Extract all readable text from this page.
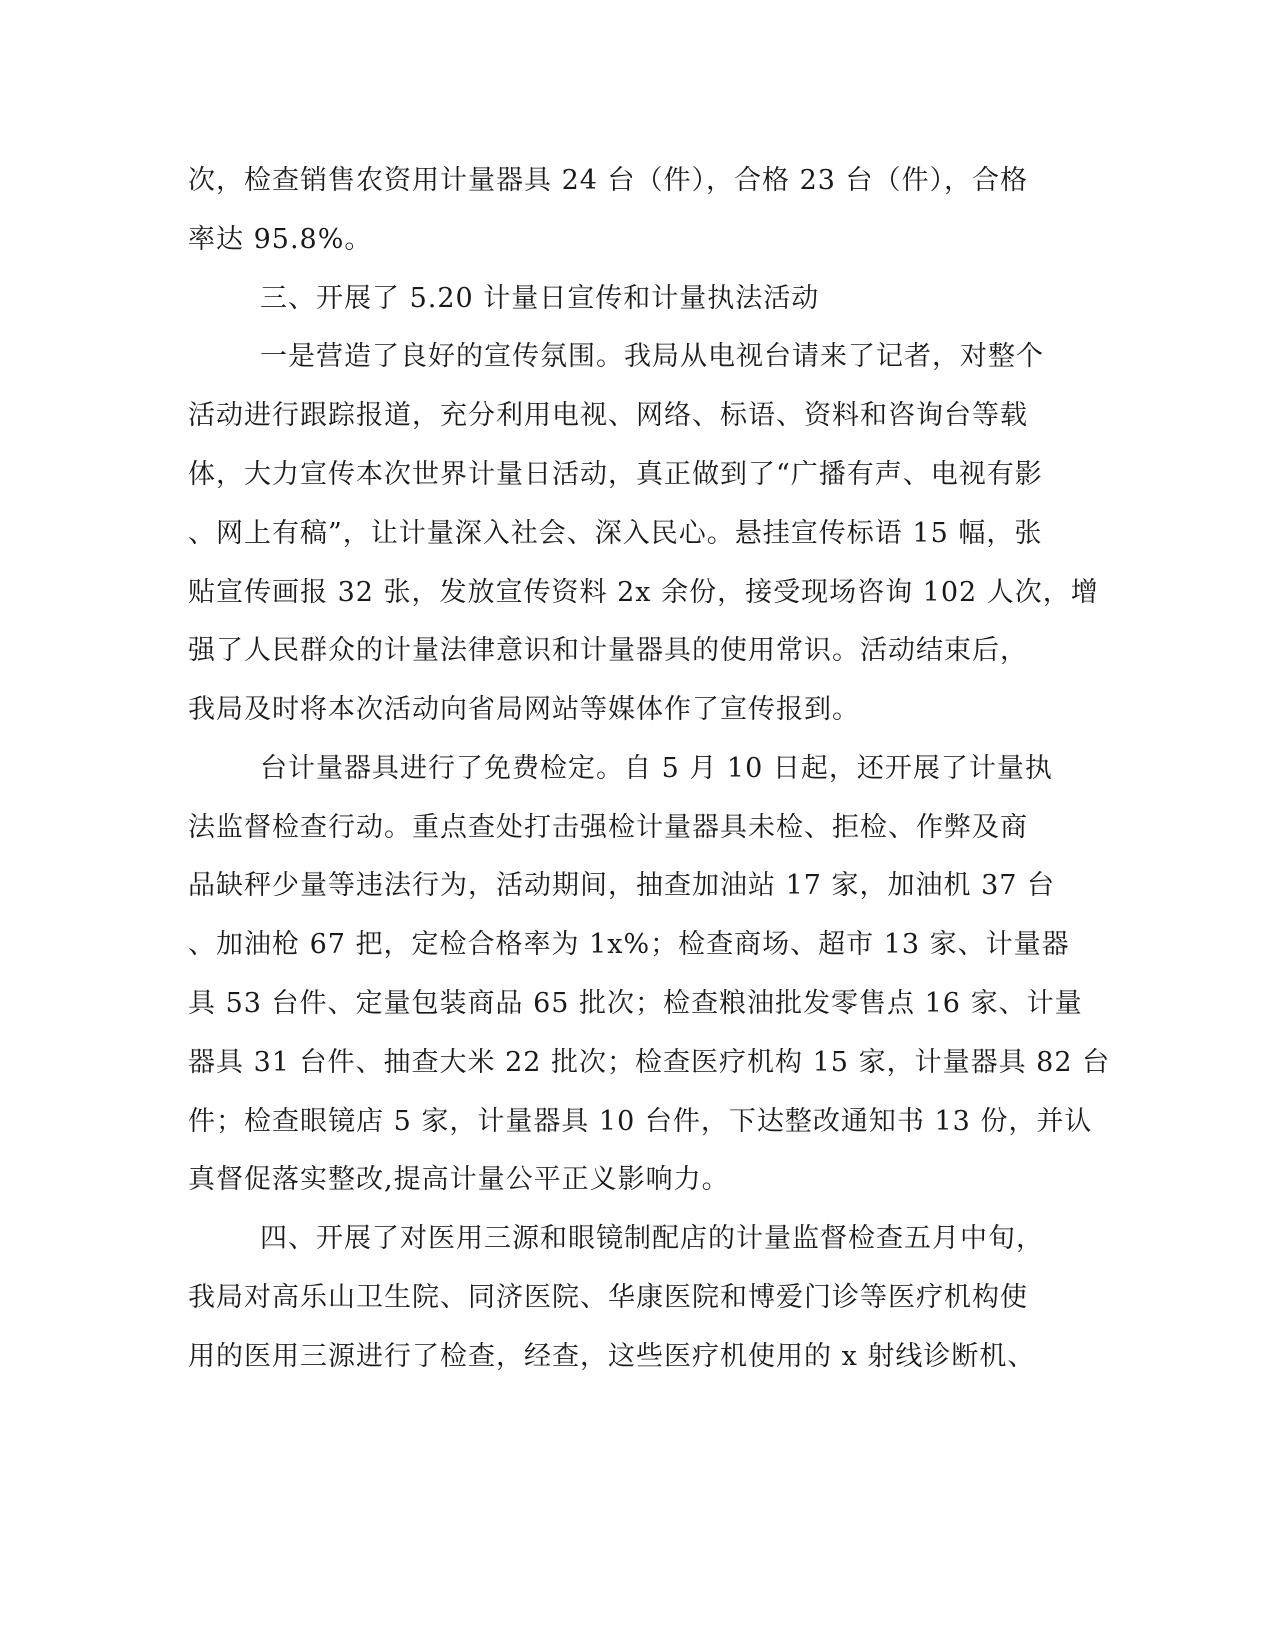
次，检查销售农资用计量器具 24 台（件），合格 23 台（件），合格
率达 95.8%。
三、开展了 5.20 计量日宣传和计量执法活动
一是营造了良好的宣传氛围。我局从电视台请来了记者，对整个
活动进行跟踪报道，充分利用电视、网络、标语、资料和咨询台等载
体，大力宣传本次世界计量日活动，真正做到了“广播有声、电视有影
、网上有稿”，让计量深入社会、深入民心。悬挂宣传标语 15 幅，张
贴宣传画报 32 张，发放宣传资料 2x 余份，接受现场咨询 102 人次，增
强了人民群众的计量法律意识和计量器具的使用常识。活动结束后，
我局及时将本次活动向省局网站等媒体作了宣传报到。
台计量器具进行了免费检定。自 5 月 10 日起，还开展了计量执
法监督检查行动。重点查处打击强检计量器具未检、拒检、作弊及商
品缺秤少量等违法行为，活动期间，抽查加油站 17 家，加油机 37 台
、加油枪 67 把，定检合格率为 1x%；检查商场、超市 13 家、计量器
具 53 台件、定量包装商品 65 批次；检查粮油批发零售点 16 家、计量
器具 31 台件、抽查大米 22 批次；检查医疗机构 15 家，计量器具 82 台
件；检查眼镜店 5 家，计量器具 10 台件，下达整改通知书 13 份，并认
真督促落实整改,提高计量公平正义影响力。
四、开展了对医用三源和眼镜制配店的计量监督检查五月中旬，
我局对高乐山卫生院、同济医院、华康医院和博爱门诊等医疗机构使
用的医用三源进行了检查，经查，这些医疗机使用的 x 射线诊断机、
